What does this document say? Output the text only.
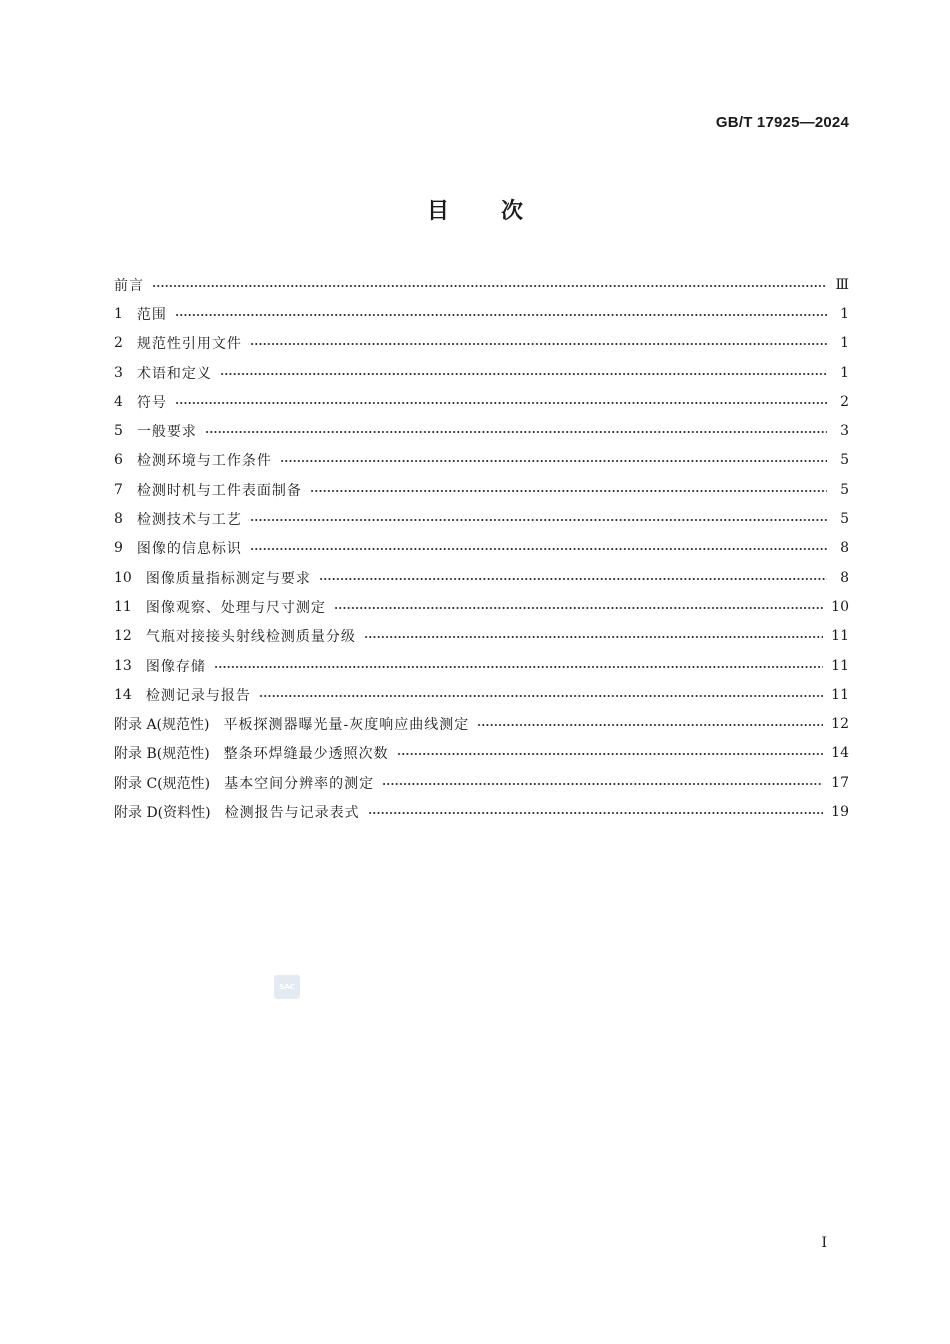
GB/T 17925—2024
目次
前言	Ⅲ
1	范围	1
2	规范性引用文件	1
3	术语和定义	1
4	符号	2
5	一般要求	3
6	检测环境与工作条件	5
7	检测时机与工件表面制备	5
8	检测技术与工艺	5
9	图像的信息标识	8
10	图像质量指标测定与要求	8
11	图像观察、处理与尺寸测定	10
12	气瓶对接接头射线检测质量分级	11
13	图像存储	11
14	检测记录与报告	11
附录 A(规范性)	平板探测器曝光量-灰度响应曲线测定	12
附录 B(规范性)	整条环焊缝最少透照次数	14
附录 C(规范性)	基本空间分辨率的测定	17
附录 D(资料性)	检测报告与记录表式	19
SAC
I
